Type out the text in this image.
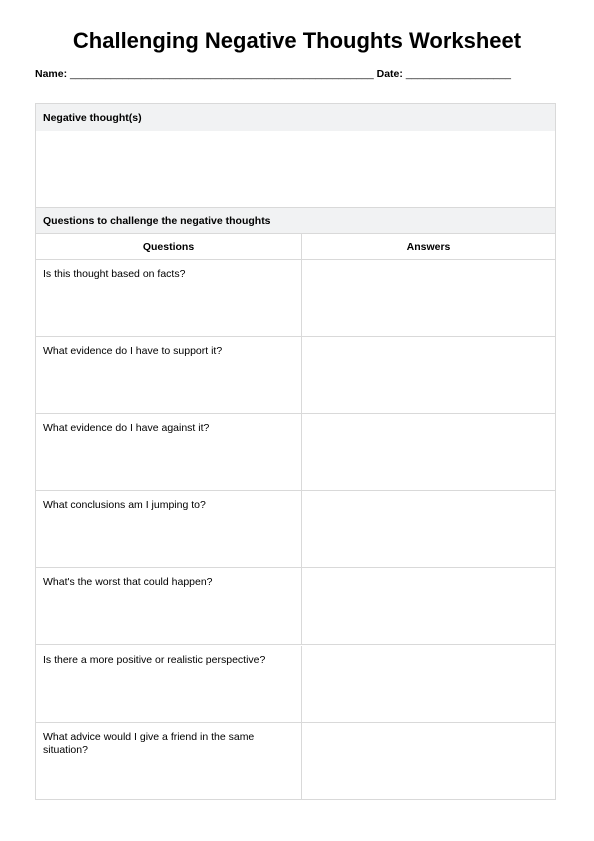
Challenging Negative Thoughts Worksheet
Name: ____________________________________________________ Date: __________________
Negative thought(s)
Questions to challenge the negative thoughts
Questions	Answers
Is this thought based on facts?
What evidence do I have to support it?
What evidence do I have against it?
What conclusions am I jumping to?
What's the worst that could happen?
Is there a more positive or realistic perspective?
What advice would I give a friend in the same situation?
